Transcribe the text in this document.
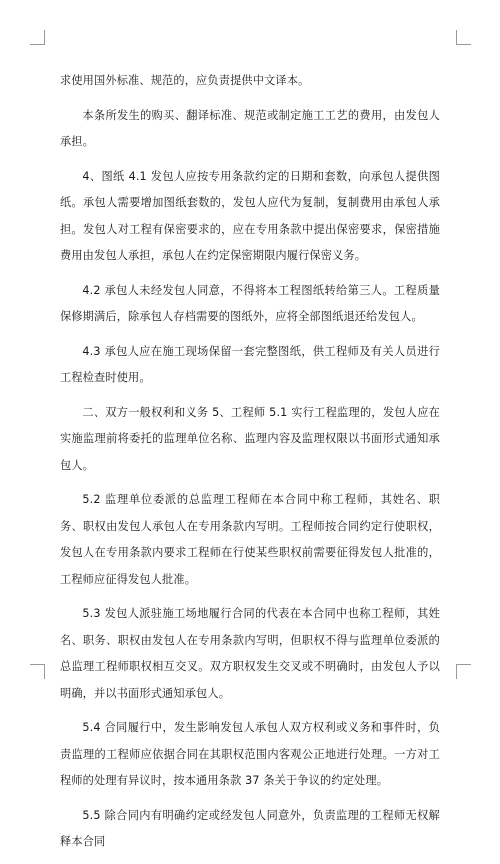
求使用国外标准、规范的，应负责提供中文译本。

本条所发生的购买、翻译标准、规范或制定施工工艺的费用，由发包人承担。

4、图纸 4.1 发包人应按专用条款约定的日期和套数，向承包人提供图纸。承包人需要增加图纸套数的，发包人应代为复制，复制费用由承包人承担。发包人对工程有保密要求的，应在专用条款中提出保密要求，保密措施费用由发包人承担，承包人在约定保密期限内履行保密义务。

4.2 承包人未经发包人同意，不得将本工程图纸转给第三人。工程质量保修期满后，除承包人存档需要的图纸外，应将全部图纸退还给发包人。

4.3 承包人应在施工现场保留一套完整图纸，供工程师及有关人员进行工程检查时使用。

二、双方一般权利和义务 5、工程师 5.1 实行工程监理的，发包人应在实施监理前将委托的监理单位名称、监理内容及监理权限以书面形式通知承包人。

5.2 监理单位委派的总监理工程师在本合同中称工程师，其姓名、职务、职权由发包人承包人在专用条款内写明。工程师按合同约定行使职权，发包人在专用条款内要求工程师在行使某些职权前需要征得发包人批准的，工程师应征得发包人批准。

5.3 发包人派驻施工场地履行合同的代表在本合同中也称工程师，其姓名、职务、职权由发包人在专用条款内写明，但职权不得与监理单位委派的总监理工程师职权相互交叉。双方职权发生交叉或不明确时，由发包人予以明确，并以书面形式通知承包人。

5.4 合同履行中，发生影响发包人承包人双方权利或义务和事件时，负责监理的工程师应依据合同在其职权范围内客观公正地进行处理。一方对工程师的处理有异议时，按本通用条款 37 条关于争议的约定处理。

5.5 除合同内有明确约定或经发包人同意外，负责监理的工程师无权解释本合同
